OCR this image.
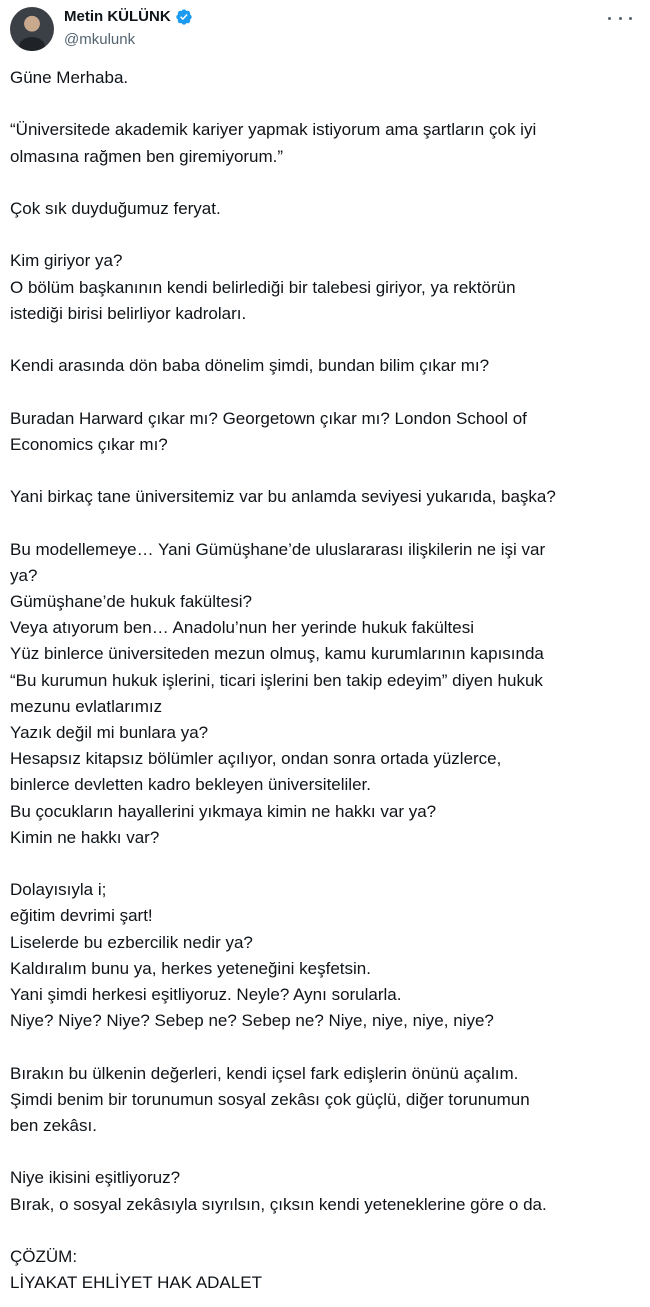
Metin KÜLÜNK
@mkulunk
Güne Merhaba.
“Üniversitede akademik kariyer yapmak istiyorum ama şartların çok iyi
olmasına rağmen ben giremiyorum.”
Çok sık duyduğumuz feryat.
Kim giriyor ya?
O bölüm başkanının kendi belirlediği bir talebesi giriyor, ya rektörün
istediği birisi belirliyor kadroları.
Kendi arasında dön baba dönelim şimdi, bundan bilim çıkar mı?
Buradan Harward çıkar mı? Georgetown çıkar mı? London School of
Economics çıkar mı?
Yani birkaç tane üniversitemiz var bu anlamda seviyesi yukarıda, başka?
Bu modellemeye… Yani Gümüşhane’de uluslararası ilişkilerin ne işi var
ya?
Gümüşhane’de hukuk fakültesi?
Veya atıyorum ben… Anadolu’nun her yerinde hukuk fakültesi
Yüz binlerce üniversiteden mezun olmuş, kamu kurumlarının kapısında
“Bu kurumun hukuk işlerini, ticari işlerini ben takip edeyim” diyen hukuk
mezunu evlatlarımız
Yazık değil mi bunlara ya?
Hesapsız kitapsız bölümler açılıyor, ondan sonra ortada yüzlerce,
binlerce devletten kadro bekleyen üniversiteliler.
Bu çocukların hayallerini yıkmaya kimin ne hakkı var ya?
Kimin ne hakkı var?
Dolayısıyla i;
eğitim devrimi şart!
Liselerde bu ezbercilik nedir ya?
Kaldıralım bunu ya, herkes yeteneğini keşfetsin.
Yani şimdi herkesi eşitliyoruz. Neyle? Aynı sorularla.
Niye? Niye? Niye? Sebep ne? Sebep ne? Niye, niye, niye, niye?
Bırakın bu ülkenin değerleri, kendi içsel fark edişlerin önünü açalım.
Şimdi benim bir torunumun sosyal zekâsı çok güçlü, diğer torunumun
ben zekâsı.
Niye ikisini eşitliyoruz?
Bırak, o sosyal zekâsıyla sıyrılsın, çıksın kendi yeteneklerine göre o da.
ÇÖZÜM:
LİYAKAT EHLİYET HAK ADALET
